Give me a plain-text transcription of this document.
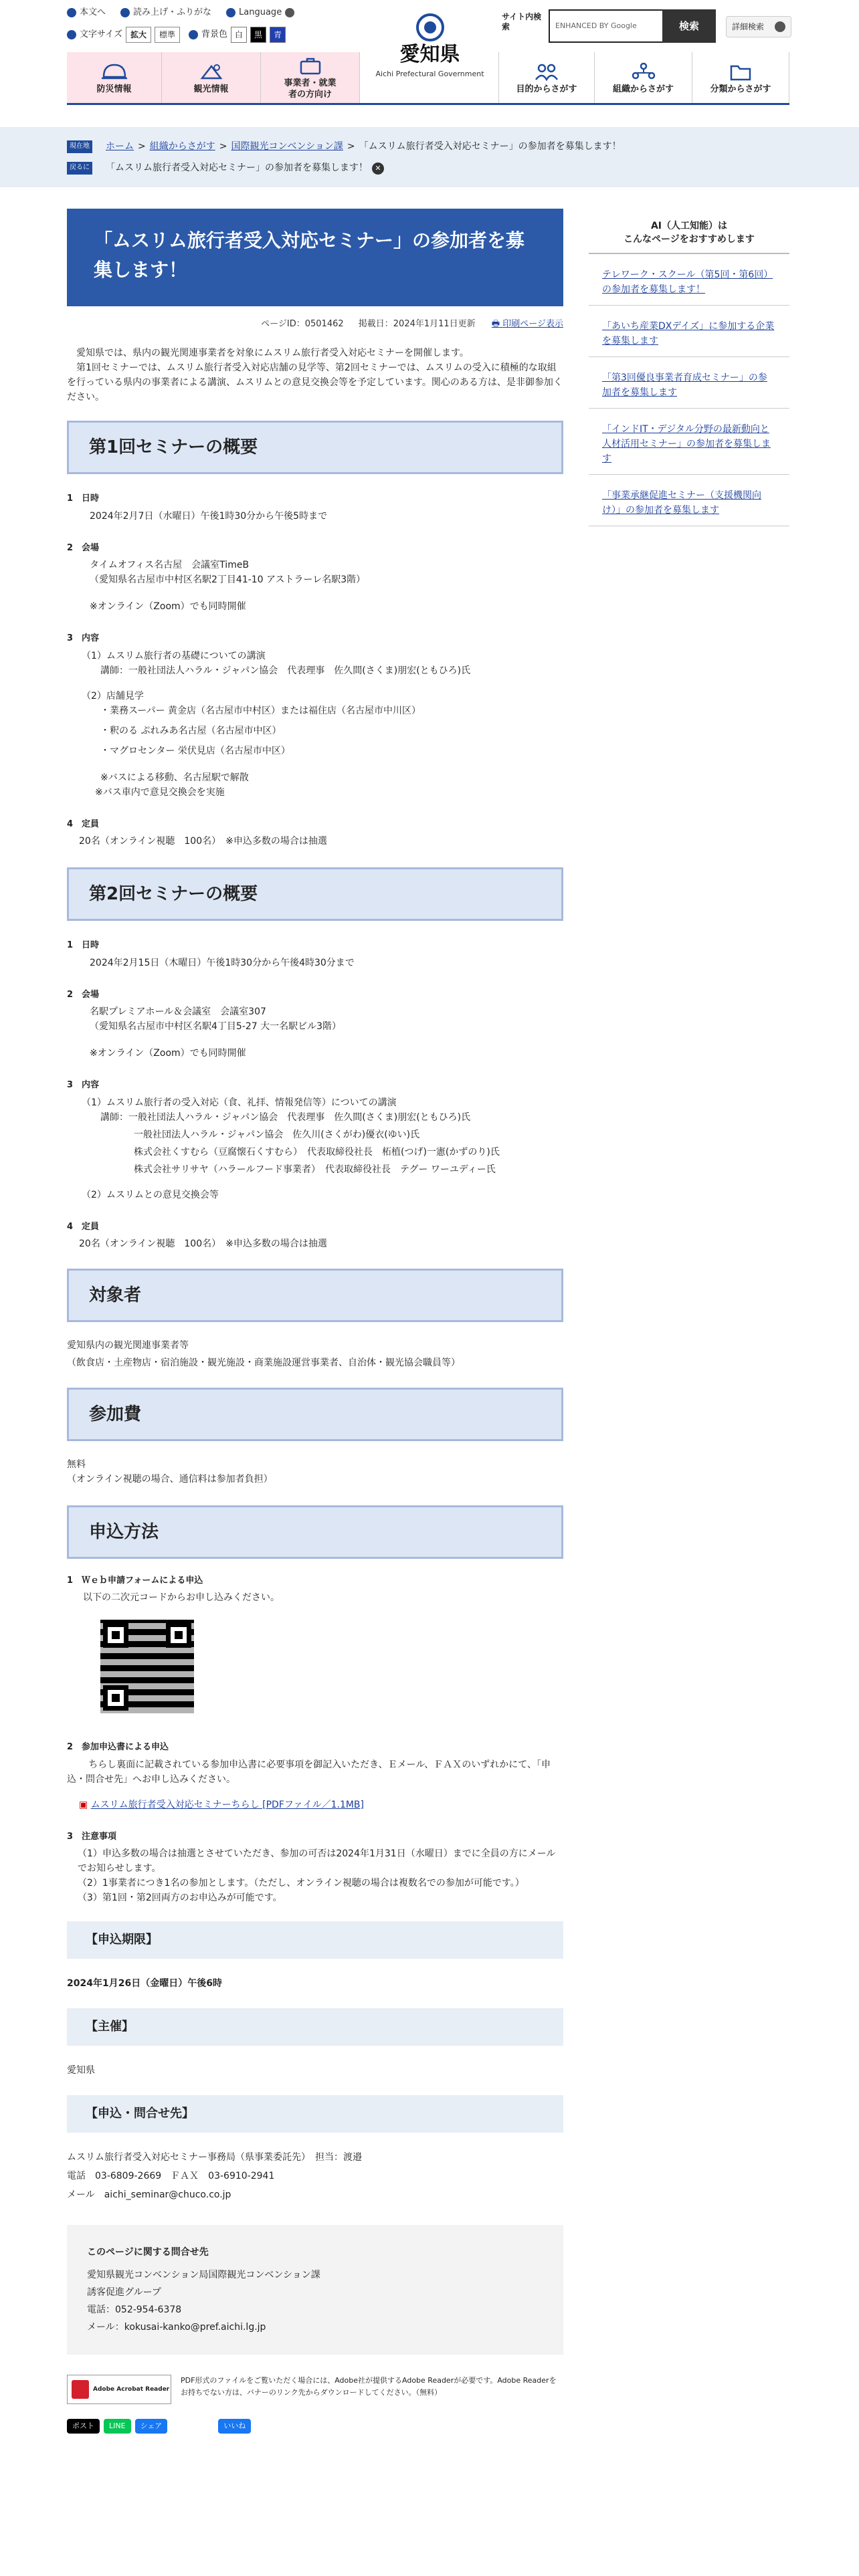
本文へ	読み上げ・ふりがな	Language
文字サイズ	拡大	標準	背景色 白	黒	青
愛知県
Aichi Prefectural Government
サイト内検索	ENHANCED BY Google	検索	詳細検索
防災情報	観光情報
事業者・就業者の方向け
目的からさがす	組織からさがす	分類からさがす
現在地 ホーム > 組織からさがす > 国際観光コンベンション課 > 「ムスリム旅行者受入対応セミナー」の参加者を募集します！
戻るに 「ムスリム旅行者受入対応セミナー」の参加者を募集します！ ✕
「ムスリム旅行者受入対応セミナー」の参加者を募集します！
ページID：0501462 掲載日：2024年1月11日更新 🖶 印刷ページ表示

愛知県では、県内の観光関連事業者を対象にムスリム旅行者受入対応セミナーを開催します。

第1回セミナーでは、ムスリム旅行者受入対応店舗の見学等、第2回セミナーでは、ムスリムの受入に積極的な取組を行っている県内の事業者による講演、ムスリムとの意見交換会等を予定しています。関心のある方は、是非御参加ください。

第1回セミナーの概要
1　日時
2024年2月7日（水曜日）午後1時30分から午後5時まで
2　会場
タイムオフィス名古屋　会議室TimeB
（愛知県名古屋市中村区名駅2丁目41-10 アストラーレ名駅3階）
※オンライン（Zoom）でも同時開催
3　内容
（1）ムスリム旅行者の基礎についての講演
講師：一般社団法人ハラル・ジャパン協会　代表理事　佐久間(さくま)朋宏(ともひろ)氏
（2）店舗見学
・業務スーパー 黄金店（名古屋市中村区）または福住店（名古屋市中川区）
・釈のる ぷれみあ名古屋（名古屋市中区）
・マグロセンター 栄伏見店（名古屋市中区）
※バスによる移動、名古屋駅で解散
※バス車内で意見交換会を実施
4　定員
20名（オンライン視聴　100名）　※申込多数の場合は抽選
第2回セミナーの概要
1　日時
2024年2月15日（木曜日）午後1時30分から午後4時30分まで
2　会場
名駅プレミアホール＆会議室　会議室307
（愛知県名古屋市中村区名駅4丁目5-27 大一名駅ビル3階）
※オンライン（Zoom）でも同時開催
3　内容
（1）ムスリム旅行者の受入対応（食、礼拝、情報発信等）についての講演
講師：一般社団法人ハラル・ジャパン協会　代表理事　佐久間(さくま)朋宏(ともひろ)氏
一般社団法人ハラル・ジャパン協会　佐久川(さくがわ)優衣(ゆい)氏
株式会社くすむら（豆腐懐石くすむら）　代表取締役社長　柘植(つげ)一憲(かずのり)氏
株式会社サリサヤ（ハラールフード事業者）　代表取締役社長　テグー ワーユディー氏
（2）ムスリムとの意見交換会等
4　定員
20名（オンライン視聴　100名）　※申込多数の場合は抽選
対象者
愛知県内の観光関連事業者等
（飲食店・土産物店・宿泊施設・観光施設・商業施設運営事業者、自治体・観光協会職員等）
参加費
無料
（オンライン視聴の場合、通信料は参加者負担）
申込方法
1　Ｗｅｂ申請フォームによる申込
以下の二次元コードからお申し込みください。
2　参加申込書による申込
ちらし裏面に記載されている参加申込書に必要事項を御記入いただき、Ｅメール、ＦＡＸのいずれかにて、「申込・問合せ先」へお申し込みください。
▣ ムスリム旅行者受入対応セミナーちらし [PDFファイル／1.1MB]
3　注意事項
（1）申込多数の場合は抽選とさせていただき、参加の可否は2024年1月31日（水曜日）までに全員の方にメールでお知らせします。
（2）1事業者につき1名の参加とします。（ただし、オンライン視聴の場合は複数名での参加が可能です。）
（3）第1回・第2回両方のお申込みが可能です。
【申込期限】
2024年1月26日（金曜日）午後6時
【主催】
愛知県
【申込・問合せ先】
ムスリム旅行者受入対応セミナー事務局（県事業委託先）　担当：渡邉
電話　03-6809-2669　ＦＡＸ　03-6910-2941
メール　aichi_seminar@chuco.co.jp
このページに関する問合せ先
愛知県観光コンベンション局国際観光コンベンション課
誘客促進グループ
電話：052-954-6378
メール：kokusai-kanko@pref.aichi.lg.jp
Adobe Acrobat Reader
PDF形式のファイルをご覧いただく場合には、Adobe社が提供するAdobe Readerが必要です。Adobe Readerをお持ちでない方は、バナーのリンク先からダウンロードしてください。（無料）
ポスト	LINE	シェア	いいね
AI（人工知能）は
こんなページをおすすめします
テレワーク・スクール（第5回・第6回）の参加者を募集します！
「あいち産業DXデイズ」に参加する企業を募集します
「第3回優良事業者育成セミナー」の参加者を募集します
「インドIT・デジタル分野の最新動向と人材活用セミナー」の参加者を募集します
「事業承継促進セミナー（支援機関向け）」の参加者を募集します
